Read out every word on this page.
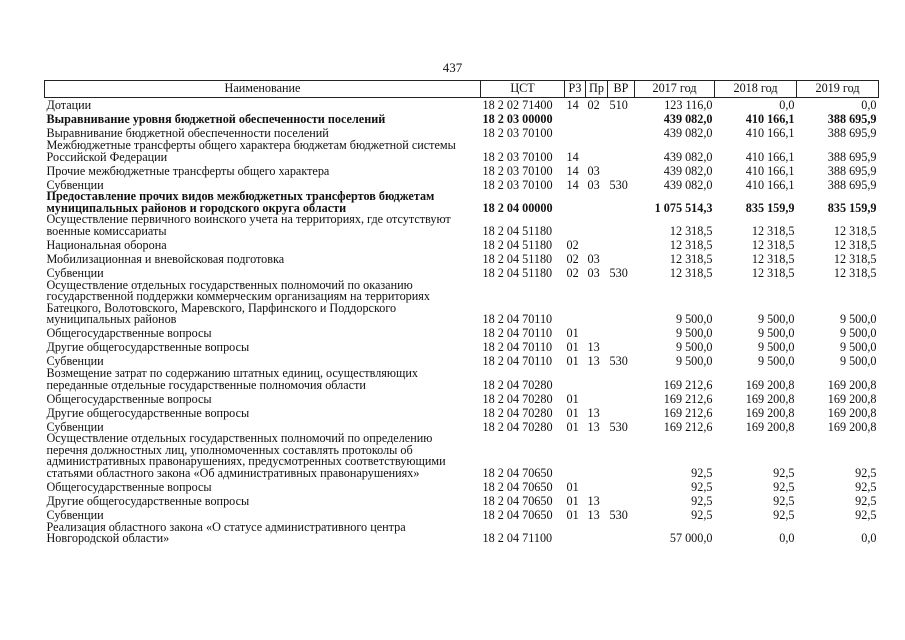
437
Наименование	ЦСТ	РЗ	Пр	ВР	2017 год	2018 год	2019 год
Дотации	18 2 02 71400	14	02	510	123 116,0	0,0	0,0
Выравнивание уровня бюджетной обеспеченности поселений	18 2 03 00000				439 082,0	410 166,1	388 695,9
Выравнивание бюджетной обеспеченности поселений	18 2 03 70100				439 082,0	410 166,1	388 695,9
Межбюджетные трансферты общего характера бюджетам бюджетной системы Российской Федерации	18 2 03 70100	14			439 082,0	410 166,1	388 695,9
Прочие межбюджетные трансферты общего характера	18 2 03 70100	14	03		439 082,0	410 166,1	388 695,9
Субвенции	18 2 03 70100	14	03	530	439 082,0	410 166,1	388 695,9
Предоставление прочих видов межбюджетных трансфертов бюджетам муниципальных районов и городского округа области	18 2 04 00000				1 075 514,3	835 159,9	835 159,9
Осуществление первичного воинского учета на территориях, где отсутствуют военные комиссариаты	18 2 04 51180				12 318,5	12 318,5	12 318,5
Национальная оборона	18 2 04 51180	02			12 318,5	12 318,5	12 318,5
Мобилизационная и вневойсковая подготовка	18 2 04 51180	02	03		12 318,5	12 318,5	12 318,5
Субвенции	18 2 04 51180	02	03	530	12 318,5	12 318,5	12 318,5
Осуществление отдельных государственных полномочий по оказанию государственной поддержки коммерческим организациям на территориях Батецкого, Волотовского, Маревского, Парфинского и Поддорского муниципальных районов	18 2 04 70110				9 500,0	9 500,0	9 500,0
Общегосударственные вопросы	18 2 04 70110	01			9 500,0	9 500,0	9 500,0
Другие общегосударственные вопросы	18 2 04 70110	01	13		9 500,0	9 500,0	9 500,0
Субвенции	18 2 04 70110	01	13	530	9 500,0	9 500,0	9 500,0
Возмещение затрат по содержанию штатных единиц, осуществляющих переданные отдельные государственные полномочия области	18 2 04 70280				169 212,6	169 200,8	169 200,8
Общегосударственные вопросы	18 2 04 70280	01			169 212,6	169 200,8	169 200,8
Другие общегосударственные вопросы	18 2 04 70280	01	13		169 212,6	169 200,8	169 200,8
Субвенции	18 2 04 70280	01	13	530	169 212,6	169 200,8	169 200,8
Осуществление отдельных государственных полномочий по определению перечня должностных лиц, уполномоченных составлять протоколы об административных правонарушениях, предусмотренных соответствующими статьями областного закона «Об административных правонарушениях»	18 2 04 70650				92,5	92,5	92,5
Общегосударственные вопросы	18 2 04 70650	01			92,5	92,5	92,5
Другие общегосударственные вопросы	18 2 04 70650	01	13		92,5	92,5	92,5
Субвенции	18 2 04 70650	01	13	530	92,5	92,5	92,5
Реализация областного закона «О статусе административного центра Новгородской области»	18 2 04 71100				57 000,0	0,0	0,0
